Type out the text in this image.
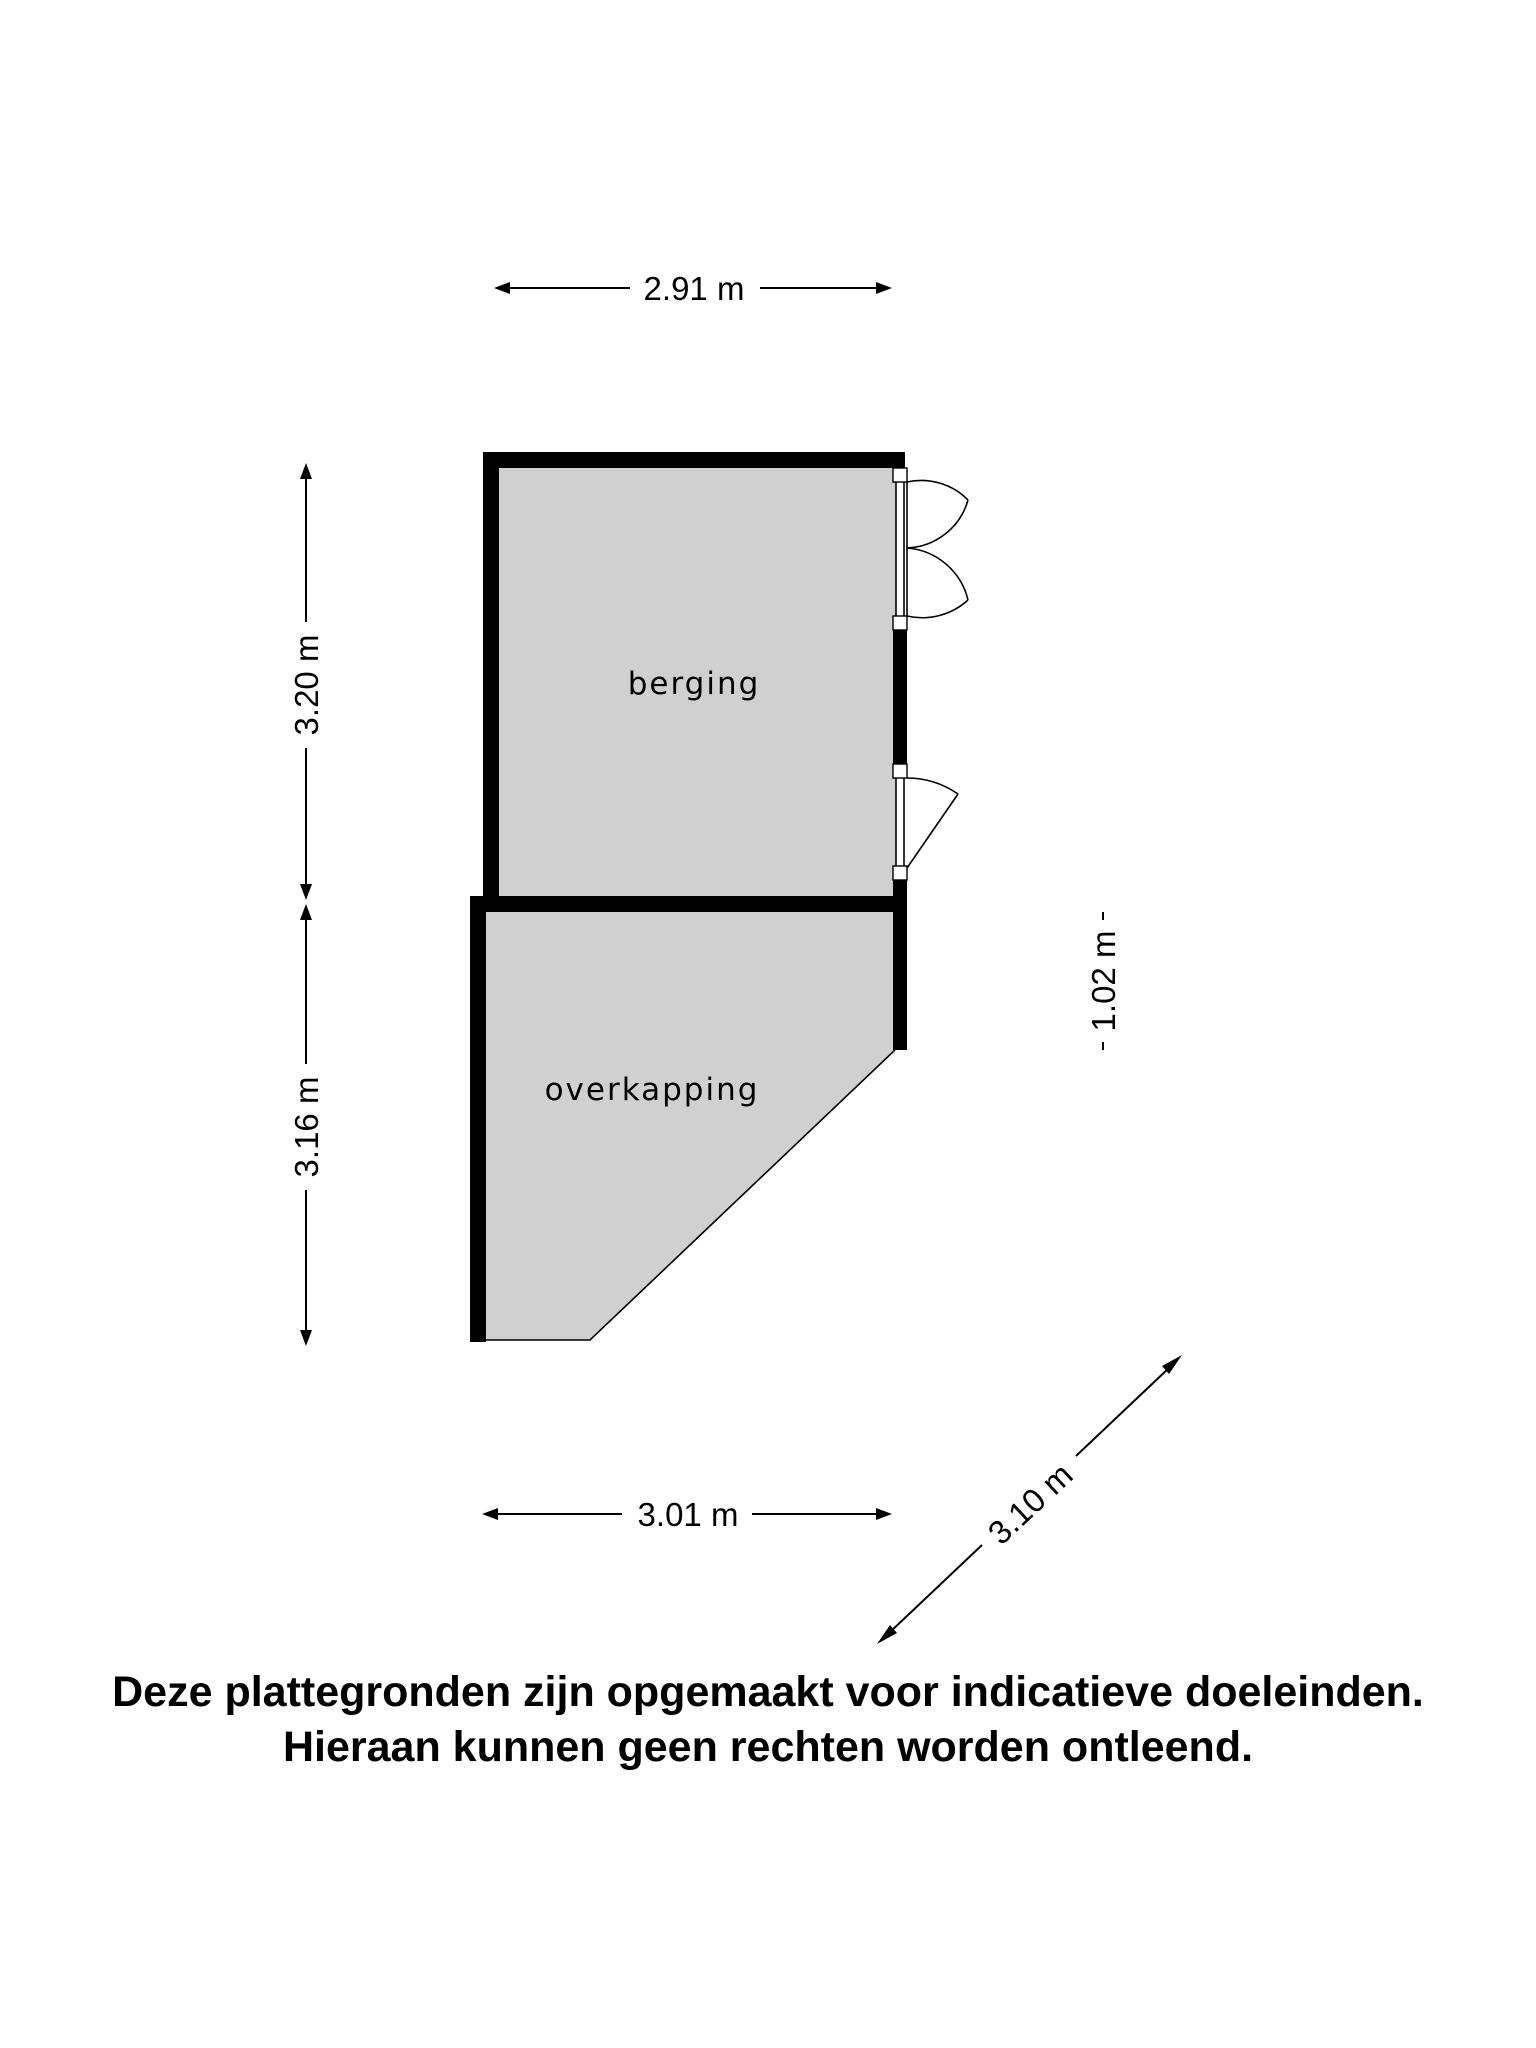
berging
overkapping
2.91 m
3.01 m
3.20 m
3.16 m
1.02 m
3.10 m
Deze plattegronden zijn opgemaakt voor indicatieve doeleinden.
Hieraan kunnen geen rechten worden ontleend.
